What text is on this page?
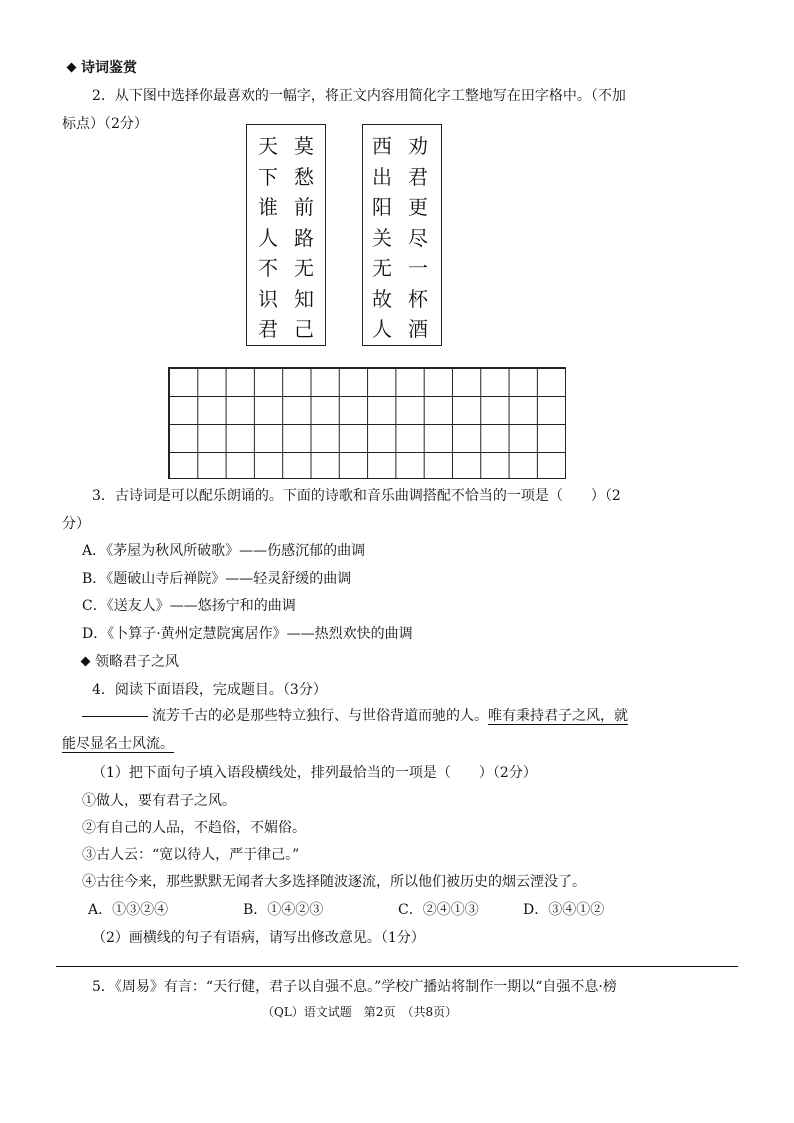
诗词鉴赏
2．从下图中选择你最喜欢的一幅字，将正文内容用简化字工整地写在田字格中。（不加
标点）（2分）
天下谁人不识君
莫愁前路无知己
西出阳关无故人
劝君更尽一杯酒
3．古诗词是可以配乐朗诵的。下面的诗歌和音乐曲调搭配不恰当的一项是（　　）（2
分）
A．《茅屋为秋风所破歌》——伤感沉郁的曲调
B．《题破山寺后禅院》——轻灵舒缓的曲调
C．《送友人》——悠扬宁和的曲调
D．《卜算子·黄州定慧院寓居作》——热烈欢快的曲调
领略君子之风
4．阅读下面语段，完成题目。（3分）
流芳千古的必是那些特立独行、与世俗背道而驰的人。唯有秉持君子之风，就
能尽显名士风流。
（1）把下面句子填入语段横线处，排列最恰当的一项是（　　）（2分）
①做人，要有君子之风。
②有自己的人品，不趋俗，不媚俗。
③古人云：“宽以待人，严于律己。”
④古往今来，那些默默无闻者大多选择随波逐流，所以他们被历史的烟云湮没了。
A．①③②④	B．①④②③	C．②④①③	D．③④①②
（2）画横线的句子有语病，请写出修改意见。（1分）
5．《周易》有言：“天行健，君子以自强不息。”学校广播站将制作一期以“自强不息·榜
（QL）语文试题　第2页　（共8页）
